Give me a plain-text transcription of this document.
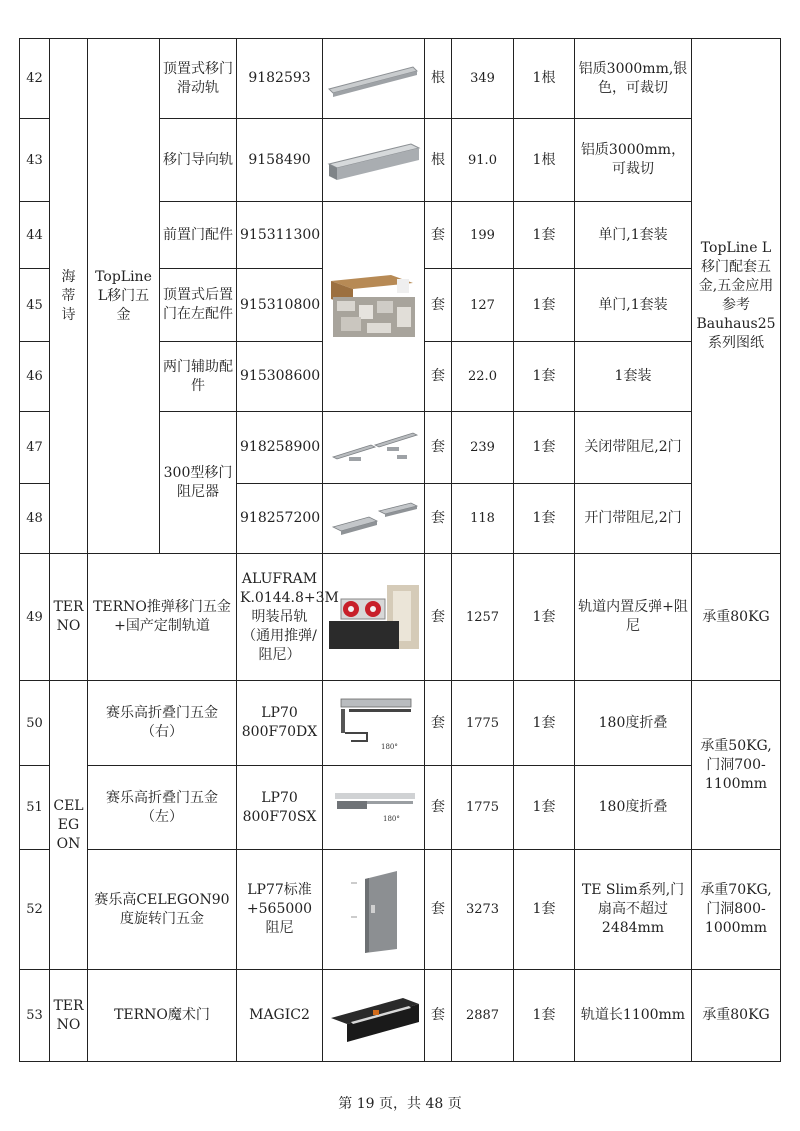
42	海蒂诗	TopLine L移门五金	顶置式移门滑动轨	9182593		根	349	1根	铝质3000mm,银色，可裁切	TopLine L移门配套五金,五金应用参考Bauhaus25系列图纸
43			移门导向轨	9158490		根	91.0	1根	铝质3000mm，可裁切	
44			前置门配件	915311300		套	199	1套	单门,1套装	
45			顶置式后置门在左配件	915310800		套	127	1套	单门,1套装	
46			两门辅助配件	915308600		套	22.0	1套	1套装	
47			300型移门阻尼器	918258900		套	239	1套	关闭带阻尼,2门	
48				918257200		套	118	1套	开门带阻尼,2门	
49	TERNO	TERNO推弹移门五金+国产定制轨道		ALUFRAM K.0144.8+3M明装吊轨（通用推弹/阻尼）		套	1257	1套	轨道内置反弹+阻尼	承重80KG
50	CELEGON	赛乐高折叠门五金（右）		LP70 800F70DX	180°	套	1775	1套	180度折叠	承重50KG,门洞700-1100mm
51		赛乐高折叠门五金（左）		LP70 800F70SX	180°	套	1775	1套	180度折叠	
52		赛乐高CELEGON90度旋转门五金		LP77标准+565000阻尼		套	3273	1套	TE Slim系列,门扇高不超过2484mm	承重70KG,门洞800-1000mm
53	TERNO	TERNO魔术门		MAGIC2		套	2887	1套	轨道长1100mm	承重80KG
第 19 页，共 48 页
